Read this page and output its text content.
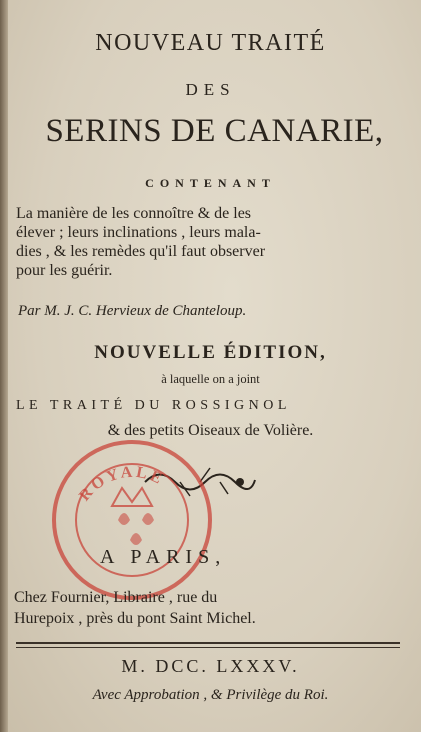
NOUVEAU TRAITÉ
DES
SERINS DE CANARIE,
CONTENANT
La manière de les connoître & de les
élever ; leurs inclinations , leurs mala-
dies , & les remèdes qu'il faut observer
pour les guérir.
Par M. J. C. Hervieux de Chanteloup.
NOUVELLE ÉDITION,
à laquelle on a joint
LE TRAITÉ DU ROSSIGNOL
& des petits Oiseaux de Volière.
ROYALE
A PARIS,
Chez Fournier, Libraire , rue du
Hurepoix , près du pont Saint Michel.
M. DCC. LXXXV.
Avec Approbation , & Privilège du Roi.
